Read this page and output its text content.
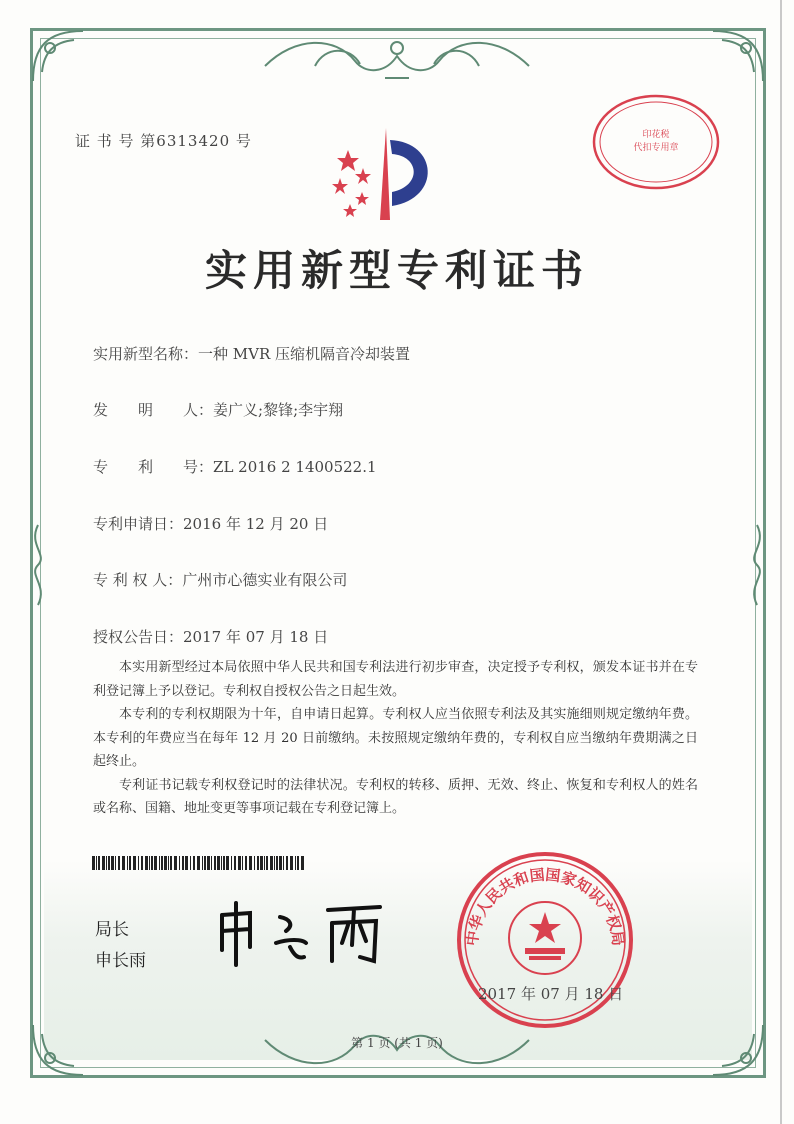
证 书 号 第6313420 号
实用新型专利证书
印花税
代扣专用章
实用新型名称：一种 MVR 压缩机隔音冷却装置
发　　明　　人：姜广义;黎锋;李宇翔
专　　利　　号：ZL 2016 2 1400522.1
专利申请日：2016 年 12 月 20 日
专 利 权 人：广州市心德实业有限公司
授权公告日：2017 年 07 月 18 日

本实用新型经过本局依照中华人民共和国专利法进行初步审查，决定授予专利权，颁发本证书并在专利登记簿上予以登记。专利权自授权公告之日起生效。

本专利的专利权期限为十年，自申请日起算。专利权人应当依照专利法及其实施细则规定缴纳年费。本专利的年费应当在每年 12 月 20 日前缴纳。未按照规定缴纳年费的，专利权自应当缴纳年费期满之日起终止。

专利证书记载专利权登记时的法律状况。专利权的转移、质押、无效、终止、恢复和专利权人的姓名或名称、国籍、地址变更等事项记载在专利登记簿上。

局长
申长雨
中华人民共和国国家知识产权局
2017 年 07 月 18 日
第 1 页 (共 1 页)
